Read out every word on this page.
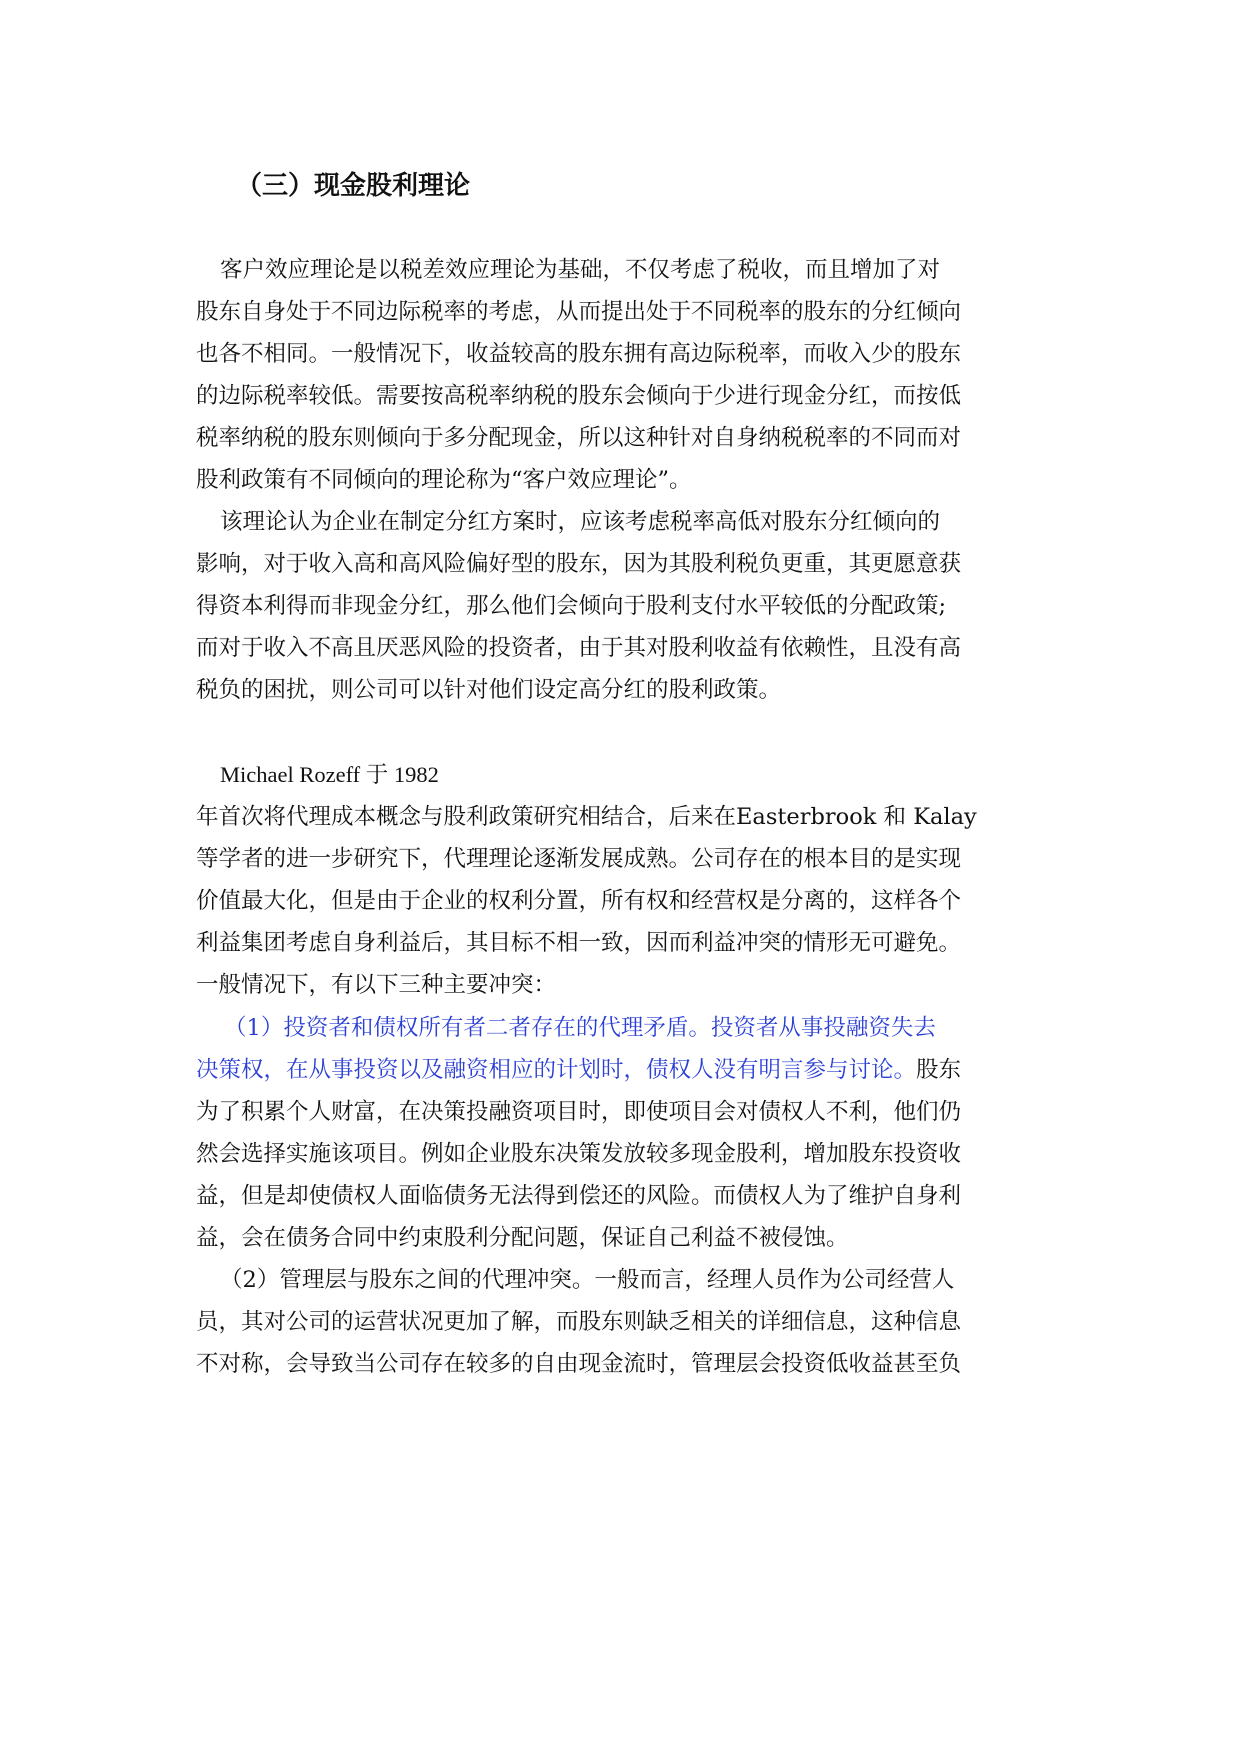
（三）现金股利理论
客户效应理论是以税差效应理论为基础，不仅考虑了税收，而且增加了对
股东自身处于不同边际税率的考虑，从而提出处于不同税率的股东的分红倾向
也各不相同。一般情况下，收益较高的股东拥有高边际税率，而收入少的股东
的边际税率较低。需要按高税率纳税的股东会倾向于少进行现金分红，而按低
税率纳税的股东则倾向于多分配现金，所以这种针对自身纳税税率的不同而对
股利政策有不同倾向的理论称为“客户效应理论”。
该理论认为企业在制定分红方案时，应该考虑税率高低对股东分红倾向的
影响，对于收入高和高风险偏好型的股东，因为其股利税负更重，其更愿意获
得资本利得而非现金分红，那么他们会倾向于股利支付水平较低的分配政策;
而对于收入不高且厌恶风险的投资者，由于其对股利收益有依赖性，且没有高
税负的困扰，则公司可以针对他们设定高分红的股利政策。
Michael Rozeff 于 1982
年首次将代理成本概念与股利政策研究相结合，后来在Easterbrook 和 Kalay
等学者的进一步研究下，代理理论逐渐发展成熟。公司存在的根本目的是实现
价值最大化，但是由于企业的权利分置，所有权和经营权是分离的，这样各个
利益集团考虑自身利益后，其目标不相一致，因而利益冲突的情形无可避免。
一般情况下，有以下三种主要冲突：
（1）投资者和债权所有者二者存在的代理矛盾。投资者从事投融资失去
决策权，在从事投资以及融资相应的计划时，债权人没有明言参与讨论。股东
为了积累个人财富，在决策投融资项目时，即使项目会对债权人不利，他们仍
然会选择实施该项目。例如企业股东决策发放较多现金股利，增加股东投资收
益，但是却使债权人面临债务无法得到偿还的风险。而债权人为了维护自身利
益，会在债务合同中约束股利分配问题，保证自己利益不被侵蚀。
（2）管理层与股东之间的代理冲突。一般而言，经理人员作为公司经营人
员，其对公司的运营状况更加了解，而股东则缺乏相关的详细信息，这种信息
不对称，会导致当公司存在较多的自由现金流时，管理层会投资低收益甚至负
